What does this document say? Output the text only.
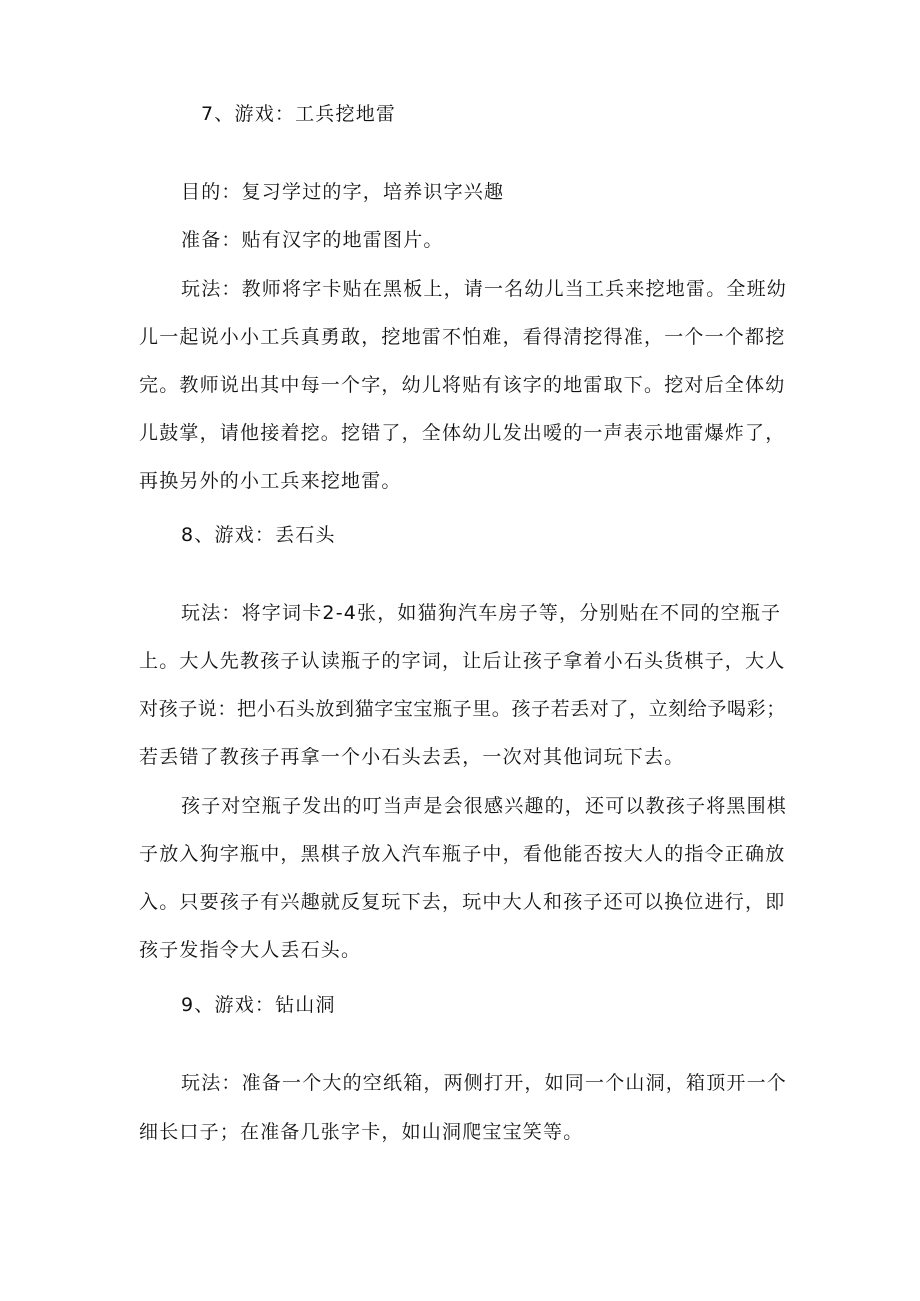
7、游戏：工兵挖地雷
目的：复习学过的字，培养识字兴趣
准备：贴有汉字的地雷图片。
玩法：教师将字卡贴在黑板上，请一名幼儿当工兵来挖地雷。全班幼
儿一起说小小工兵真勇敢，挖地雷不怕难，看得清挖得准，一个一个都挖
完。教师说出其中每一个字，幼儿将贴有该字的地雷取下。挖对后全体幼
儿鼓掌，请他接着挖。挖错了，全体幼儿发出嗳的一声表示地雷爆炸了，
再换另外的小工兵来挖地雷。
8、游戏：丢石头
玩法：将字词卡2-4张，如猫狗汽车房子等，分别贴在不同的空瓶子
上。大人先教孩子认读瓶子的字词，让后让孩子拿着小石头货棋子，大人
对孩子说：把小石头放到猫字宝宝瓶子里。孩子若丢对了，立刻给予喝彩；
若丢错了教孩子再拿一个小石头去丢，一次对其他词玩下去。
孩子对空瓶子发出的叮当声是会很感兴趣的，还可以教孩子将黑围棋
子放入狗字瓶中，黑棋子放入汽车瓶子中，看他能否按大人的指令正确放
入。只要孩子有兴趣就反复玩下去，玩中大人和孩子还可以换位进行，即
孩子发指令大人丢石头。
9、游戏：钻山洞
玩法：准备一个大的空纸箱，两侧打开，如同一个山洞，箱顶开一个
细长口子；在准备几张字卡，如山洞爬宝宝笑等。
